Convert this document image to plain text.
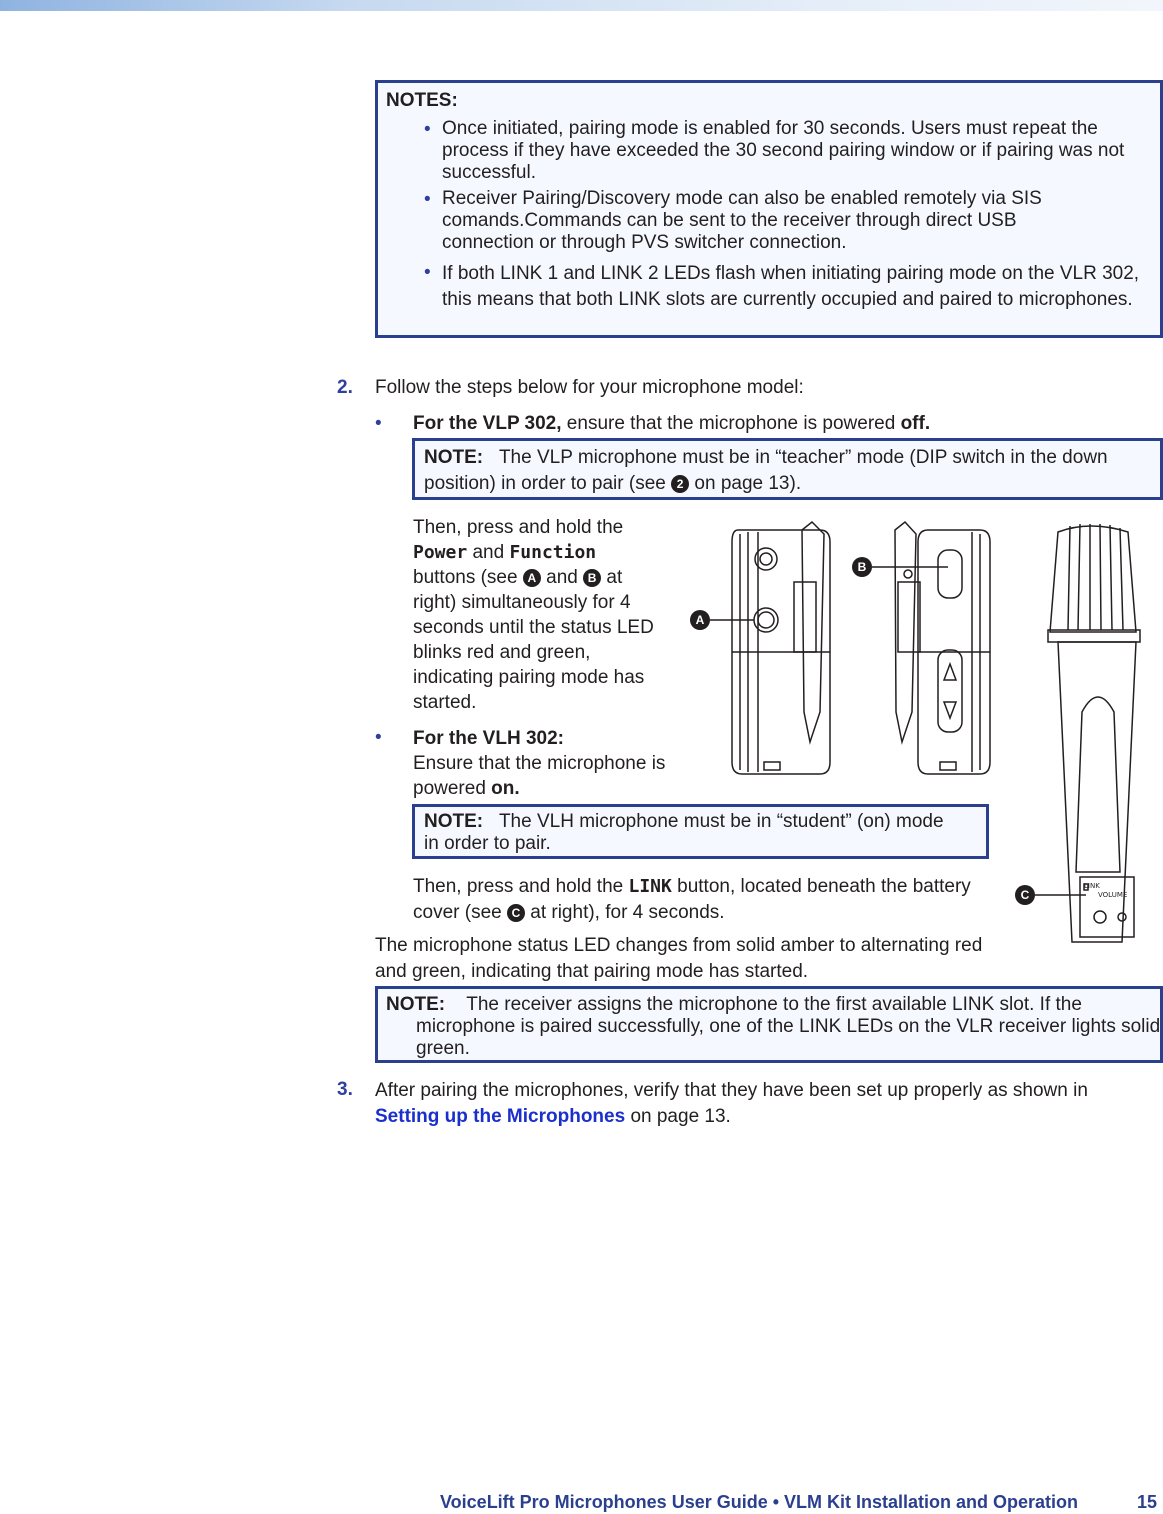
NOTES:
• Once initiated, pairing mode is enabled for 30 seconds. Users must repeat the process if they have exceeded the 30 second pairing window or if pairing was not successful.
• Receiver Pairing/Discovery mode can also be enabled remotely via SIS comands.Commands can be sent to the receiver through direct USB connection or through PVS switcher connection.
• If both LINK 1 and LINK 2 LEDs flash when initiating pairing mode on the VLR 302, this means that both LINK slots are currently occupied and paired to microphones.
2. Follow the steps below for your microphone model:
• For the VLP 302, ensure that the microphone is powered off.
NOTE: The VLP microphone must be in “teacher” mode (DIP switch in the down position) in order to pair (see 2 on page 13).
Then, press and hold the
Power and Function
buttons (see A and B at
right) simultaneously for 4 seconds until the status LED blinks red and green, indicating pairing mode has started.
• For the VLH 302:
Ensure that the microphone is powered on.
NOTE: The VLH microphone must be in “student” (on) mode in order to pair.
Then, press and hold the LINK button, located beneath the battery cover (see C at right), for 4 seconds.
The microphone status LED changes from solid amber to alternating red and green, indicating that pairing mode has started.
NOTE: The receiver assigns the microphone to the first available LINK slot. If the microphone is paired successfully, one of the LINK LEDs on the VLR receiver lights solid green.
3. After pairing the microphones, verify that they have been set up properly as shown in Setting up the Microphones on page 13.
LINK
VOLUME
A
B
C
VoiceLift Pro Microphones User Guide • VLM Kit Installation and Operation	15
